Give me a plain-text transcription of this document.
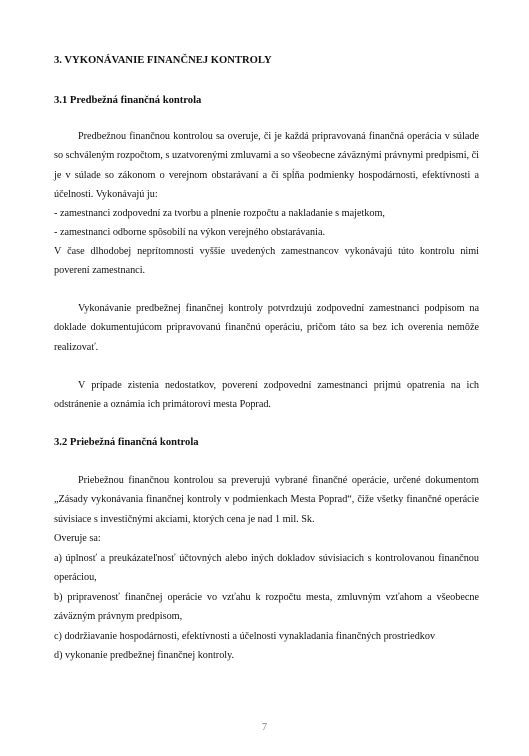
3. VYKONÁVANIE FINANČNEJ KONTROLY

3.1 Predbežná finančná kontrola

Predbežnou finančnou kontrolou sa overuje, či je každá pripravovaná finančná operácia v súlade so schváleným rozpočtom, s uzatvorenými zmluvami a so všeobecne záväznými právnymi predpismi, či je v súlade so zákonom o verejnom obstarávaní a či spĺňa podmienky hospodárnosti, efektívnosti a účelnosti. Vykonávajú ju:

- zamestnanci zodpovední za tvorbu a plnenie rozpočtu a nakladanie s majetkom,

- zamestnanci odborne spôsobilí na výkon verejného obstarávania.

V čase dlhodobej neprítomnosti vyššie uvedených zamestnancov vykonávajú túto kontrolu nimi poverení zamestnanci.

Vykonávanie predbežnej finančnej kontroly potvrdzujú zodpovední zamestnanci podpisom na doklade dokumentujúcom pripravovanú finančnú operáciu, pričom táto sa bez ich overenia nemôže realizovať.

V prípade zistenia nedostatkov, poverení zodpovední zamestnanci prijmú opatrenia na ich odstránenie a oznámia ich primátorovi mesta Poprad.

3.2 Priebežná finančná kontrola

Priebežnou finančnou kontrolou sa preverujú vybrané finančné operácie, určené dokumentom „Zásady vykonávania finančnej kontroly v podmienkach Mesta Poprad“, čiže všetky finančné operácie súvisiace s investičnými akciami, ktorých cena je nad 1 mil. Sk.

Overuje sa:

a) úplnosť a preukázateľnosť účtovných alebo iných dokladov súvisiacich s kontrolovanou finančnou operáciou,

b) pripravenosť finančnej operácie vo vzťahu k rozpočtu mesta, zmluvným vzťahom a všeobecne záväzným právnym predpisom,

c) dodržiavanie hospodárnosti, efektívnosti a účelnosti vynakladania finančných prostriedkov

d) vykonanie predbežnej finančnej kontroly.

7
